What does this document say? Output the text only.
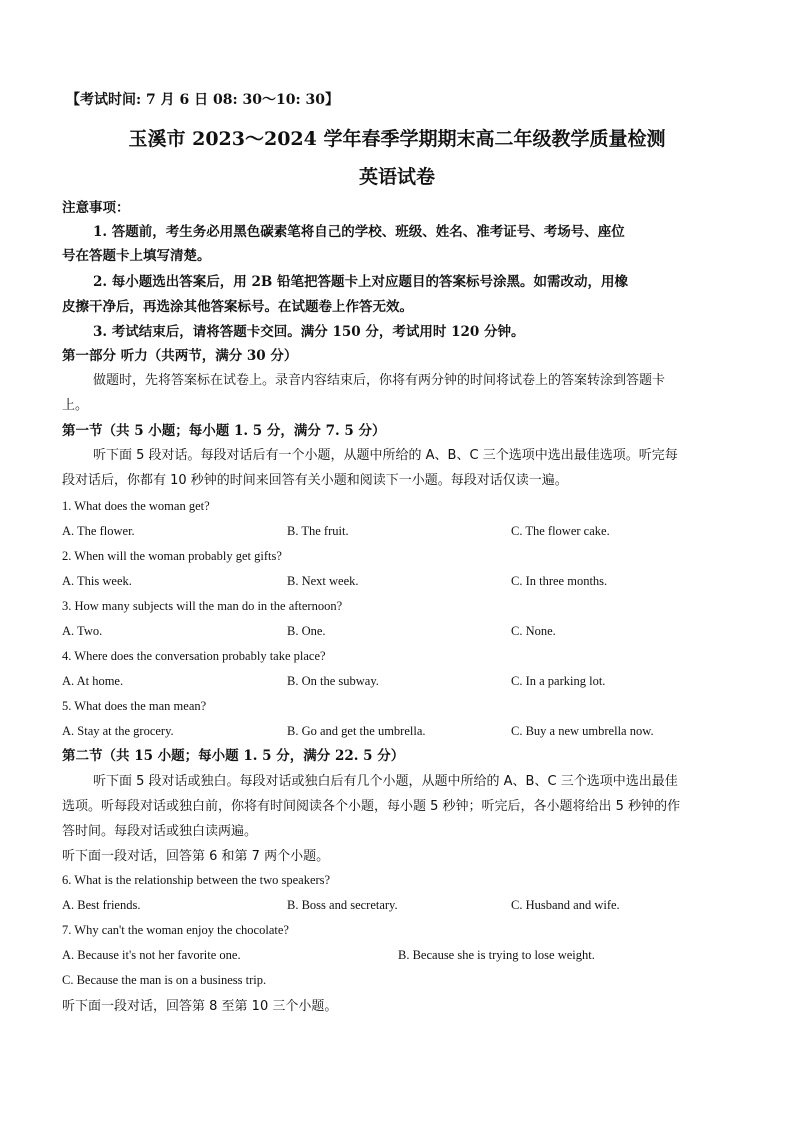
【考试时间: 7 月 6 日 08: 30～10: 30】
玉溪市 2023～2024 学年春季学期期末高二年级教学质量检测
英语试卷
注意事项：
1. 答题前，考生务必用黑色碳素笔将自己的学校、班级、姓名、准考证号、考场号、座位
号在答题卡上填写清楚。
2. 每小题选出答案后，用 2B 铅笔把答题卡上对应题目的答案标号涂黑。如需改动，用橡
皮擦干净后，再选涂其他答案标号。在试题卷上作答无效。
3. 考试结束后，请将答题卡交回。满分 150 分，考试用时 120 分钟。
第一部分 听力（共两节，满分 30 分）
做题时，先将答案标在试卷上。录音内容结束后，你将有两分钟的时间将试卷上的答案转涂到答题卡
上。
第一节（共 5 小题；每小题 1. 5 分，满分 7. 5 分）
听下面 5 段对话。每段对话后有一个小题，从题中所给的 A、B、C 三个选项中选出最佳选项。听完每
段对话后，你都有 10 秒钟的时间来回答有关小题和阅读下一小题。每段对话仅读一遍。
1. What does the woman get?
A. The flower.	B. The fruit.	C. The flower cake.
2. When will the woman probably get gifts?
A. This week.	B. Next week.	C. In three months.
3. How many subjects will the man do in the afternoon?
A. Two.	B. One.	C. None.
4. Where does the conversation probably take place?
A. At home.	B. On the subway.	C. In a parking lot.
5. What does the man mean?
A. Stay at the grocery.	B. Go and get the umbrella.	C. Buy a new umbrella now.
第二节（共 15 小题；每小题 1. 5 分，满分 22. 5 分）
听下面 5 段对话或独白。每段对话或独白后有几个小题，从题中所给的 A、B、C 三个选项中选出最佳
选项。听每段对话或独白前，你将有时间阅读各个小题，每小题 5 秒钟；听完后，各小题将给出 5 秒钟的作
答时间。每段对话或独白读两遍。
听下面一段对话，回答第 6 和第 7 两个小题。
6. What is the relationship between the two speakers?
A. Best friends.	B. Boss and secretary.	C. Husband and wife.
7. Why can't the woman enjoy the chocolate?
A. Because it's not her favorite one.	B. Because she is trying to lose weight.
C. Because the man is on a business trip.
听下面一段对话，回答第 8 至第 10 三个小题。
